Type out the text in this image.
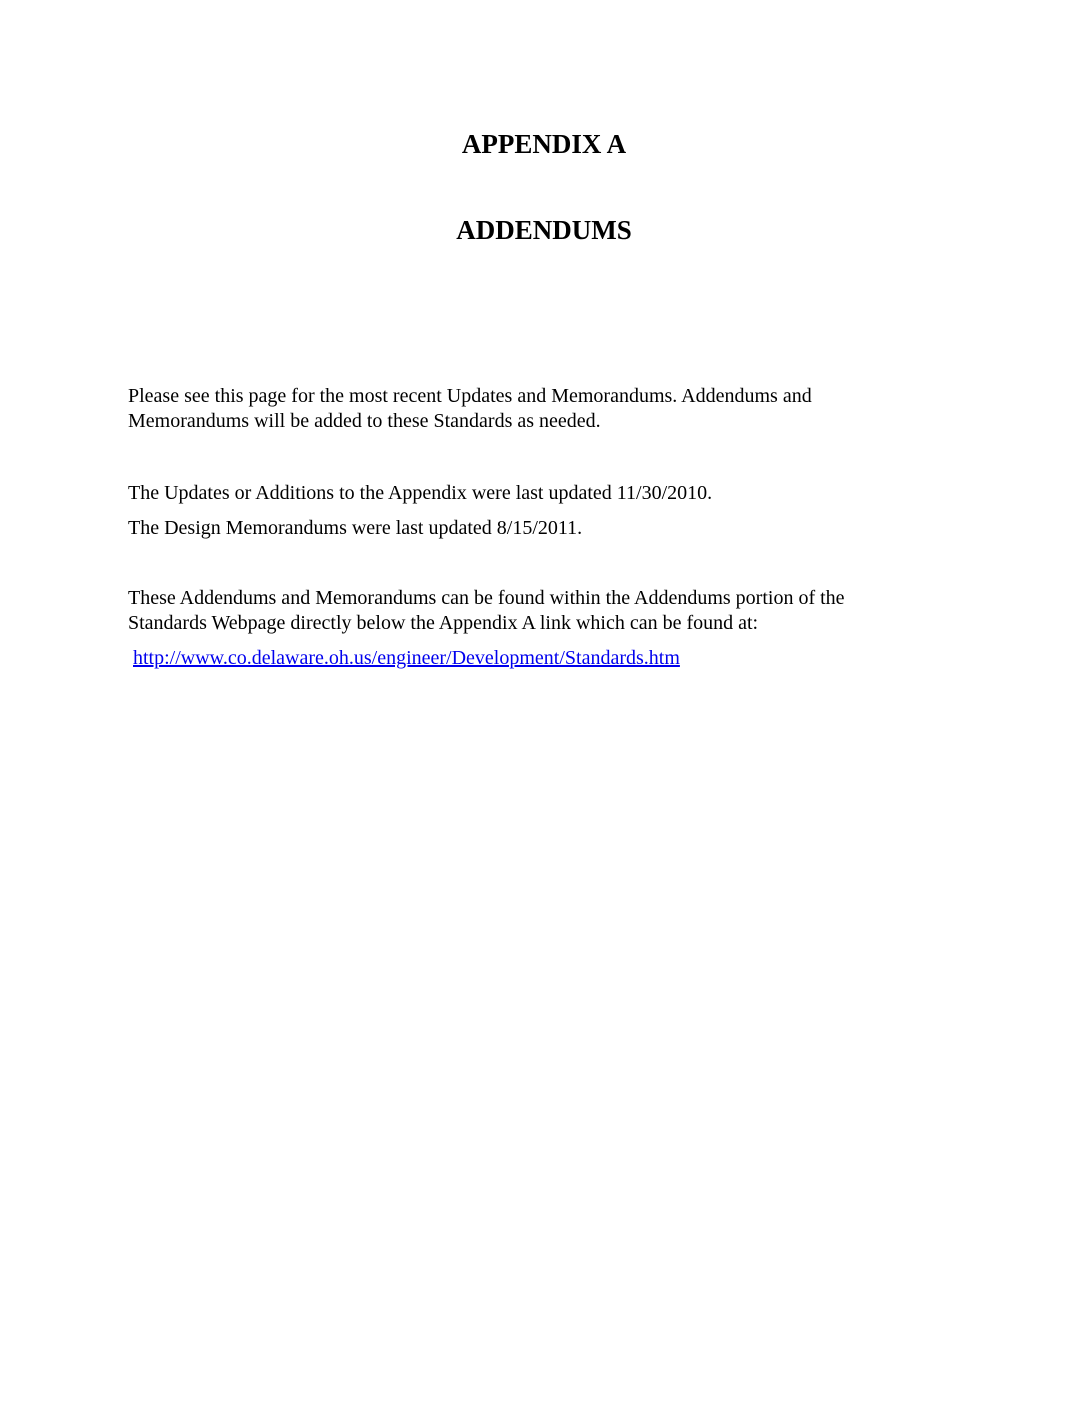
APPENDIX A
ADDENDUMS
Please see this page for the most recent Updates and Memorandums. Addendums and
Memorandums will be added to these Standards as needed.

The Updates or Additions to the Appendix were last updated 11/30/2010.

The Design Memorandums were last updated 8/15/2011.

These Addendums and Memorandums can be found within the Addendums portion of the
Standards Webpage directly below the Appendix A link which can be found at:

http://www.co.delaware.oh.us/engineer/Development/Standards.htm
